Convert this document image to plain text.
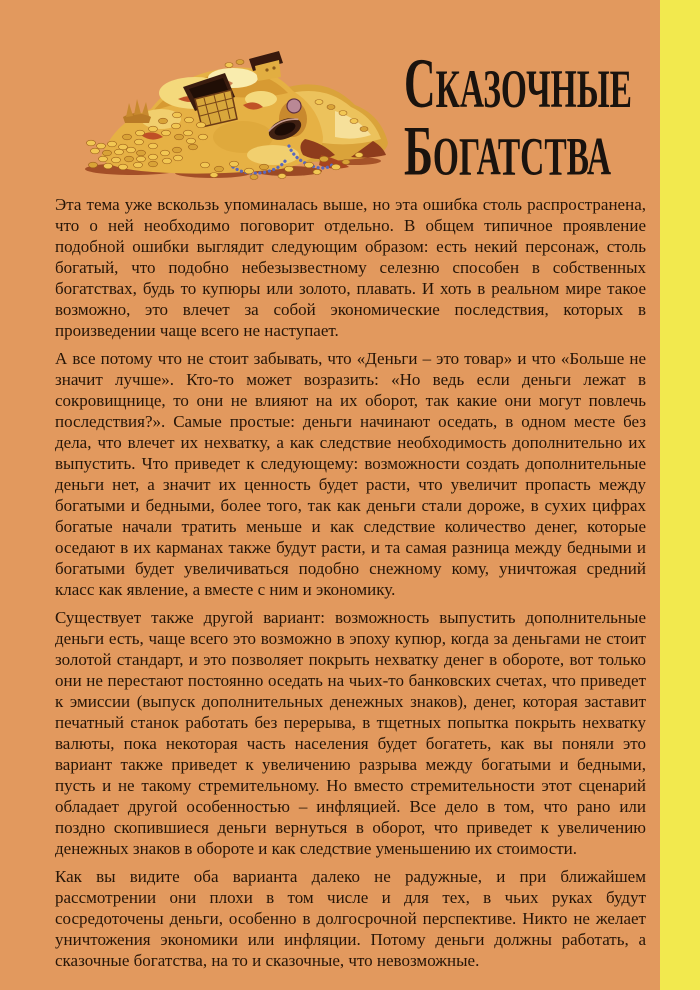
СКАЗОЧНЫЕ
БОГАТСТВА

Эта тема уже вскользь упоминалась выше, но эта ошибка столь распространена, что о ней необходимо поговорит отдельно. В общем типичное проявление подобной ошибки выглядит следующим образом: есть некий персонаж, столь богатый, что подобно небезызвестному селезню способен в собственных богатствах, будь то купюры или золото, плавать. И хоть в реальном мире такое возможно, это влечет за собой экономические последствия, которых в произведении чаще всего не наступает.

А все потому что не стоит забывать, что «Деньги – это товар» и что «Больше не значит лучше». Кто-то может возразить: «Но ведь если деньги лежат в сокровищнице, то они не влияют на их оборот, так какие они могут повлечь последствия?». Самые простые: деньги начинают оседать, в одном месте без дела, что влечет их нехватку, а как следствие необходимость дополнительно их выпустить. Что приведет к следующему: возможности создать дополнительные деньги нет, а значит их ценность будет расти, что увеличит пропасть между богатыми и бедными, более того, так как деньги стали дороже, в сухих цифрах богатые начали тратить меньше и как следствие количество денег, которые оседают в их карманах также будут расти, и та самая разница между бедными и богатыми будет увеличиваться подобно снежному кому, уничтожая средний класс как явление, а вместе с ним и экономику.

Существует также другой вариант: возможность выпустить дополнительные деньги есть, чаще всего это возможно в эпоху купюр, когда за деньгами не стоит золотой стандарт, и это позволяет покрыть нехватку денег в обороте, вот только они не перестают постоянно оседать на чьих-то банковских счетах, что приведет к эмиссии (выпуск дополнительных денежных знаков), денег, которая заставит печатный станок работать без перерыва, в тщетных попытка покрыть нехватку валюты, пока некоторая часть населения будет богатеть, как вы поняли это вариант также приведет к увеличению разрыва между богатыми и бедными, пусть и не такому стремительному. Но вместо стремительности этот сценарий обладает другой особенностью – инфляцией. Все дело в том, что рано или поздно скопившиеся деньги вернуться в оборот, что приведет к увеличению денежных знаков в обороте и как следствие уменьшению их стоимости.

Как вы видите оба варианта далеко не радужные, и при ближайшем рассмотрении они плохи в том числе и для тех, в чьих руках будут сосредоточены деньги, особенно в долгосрочной перспективе. Никто не желает уничтожения экономики или инфляции. Потому деньги должны работать, а сказочные богатства, на то и сказочные, что невозможные.
